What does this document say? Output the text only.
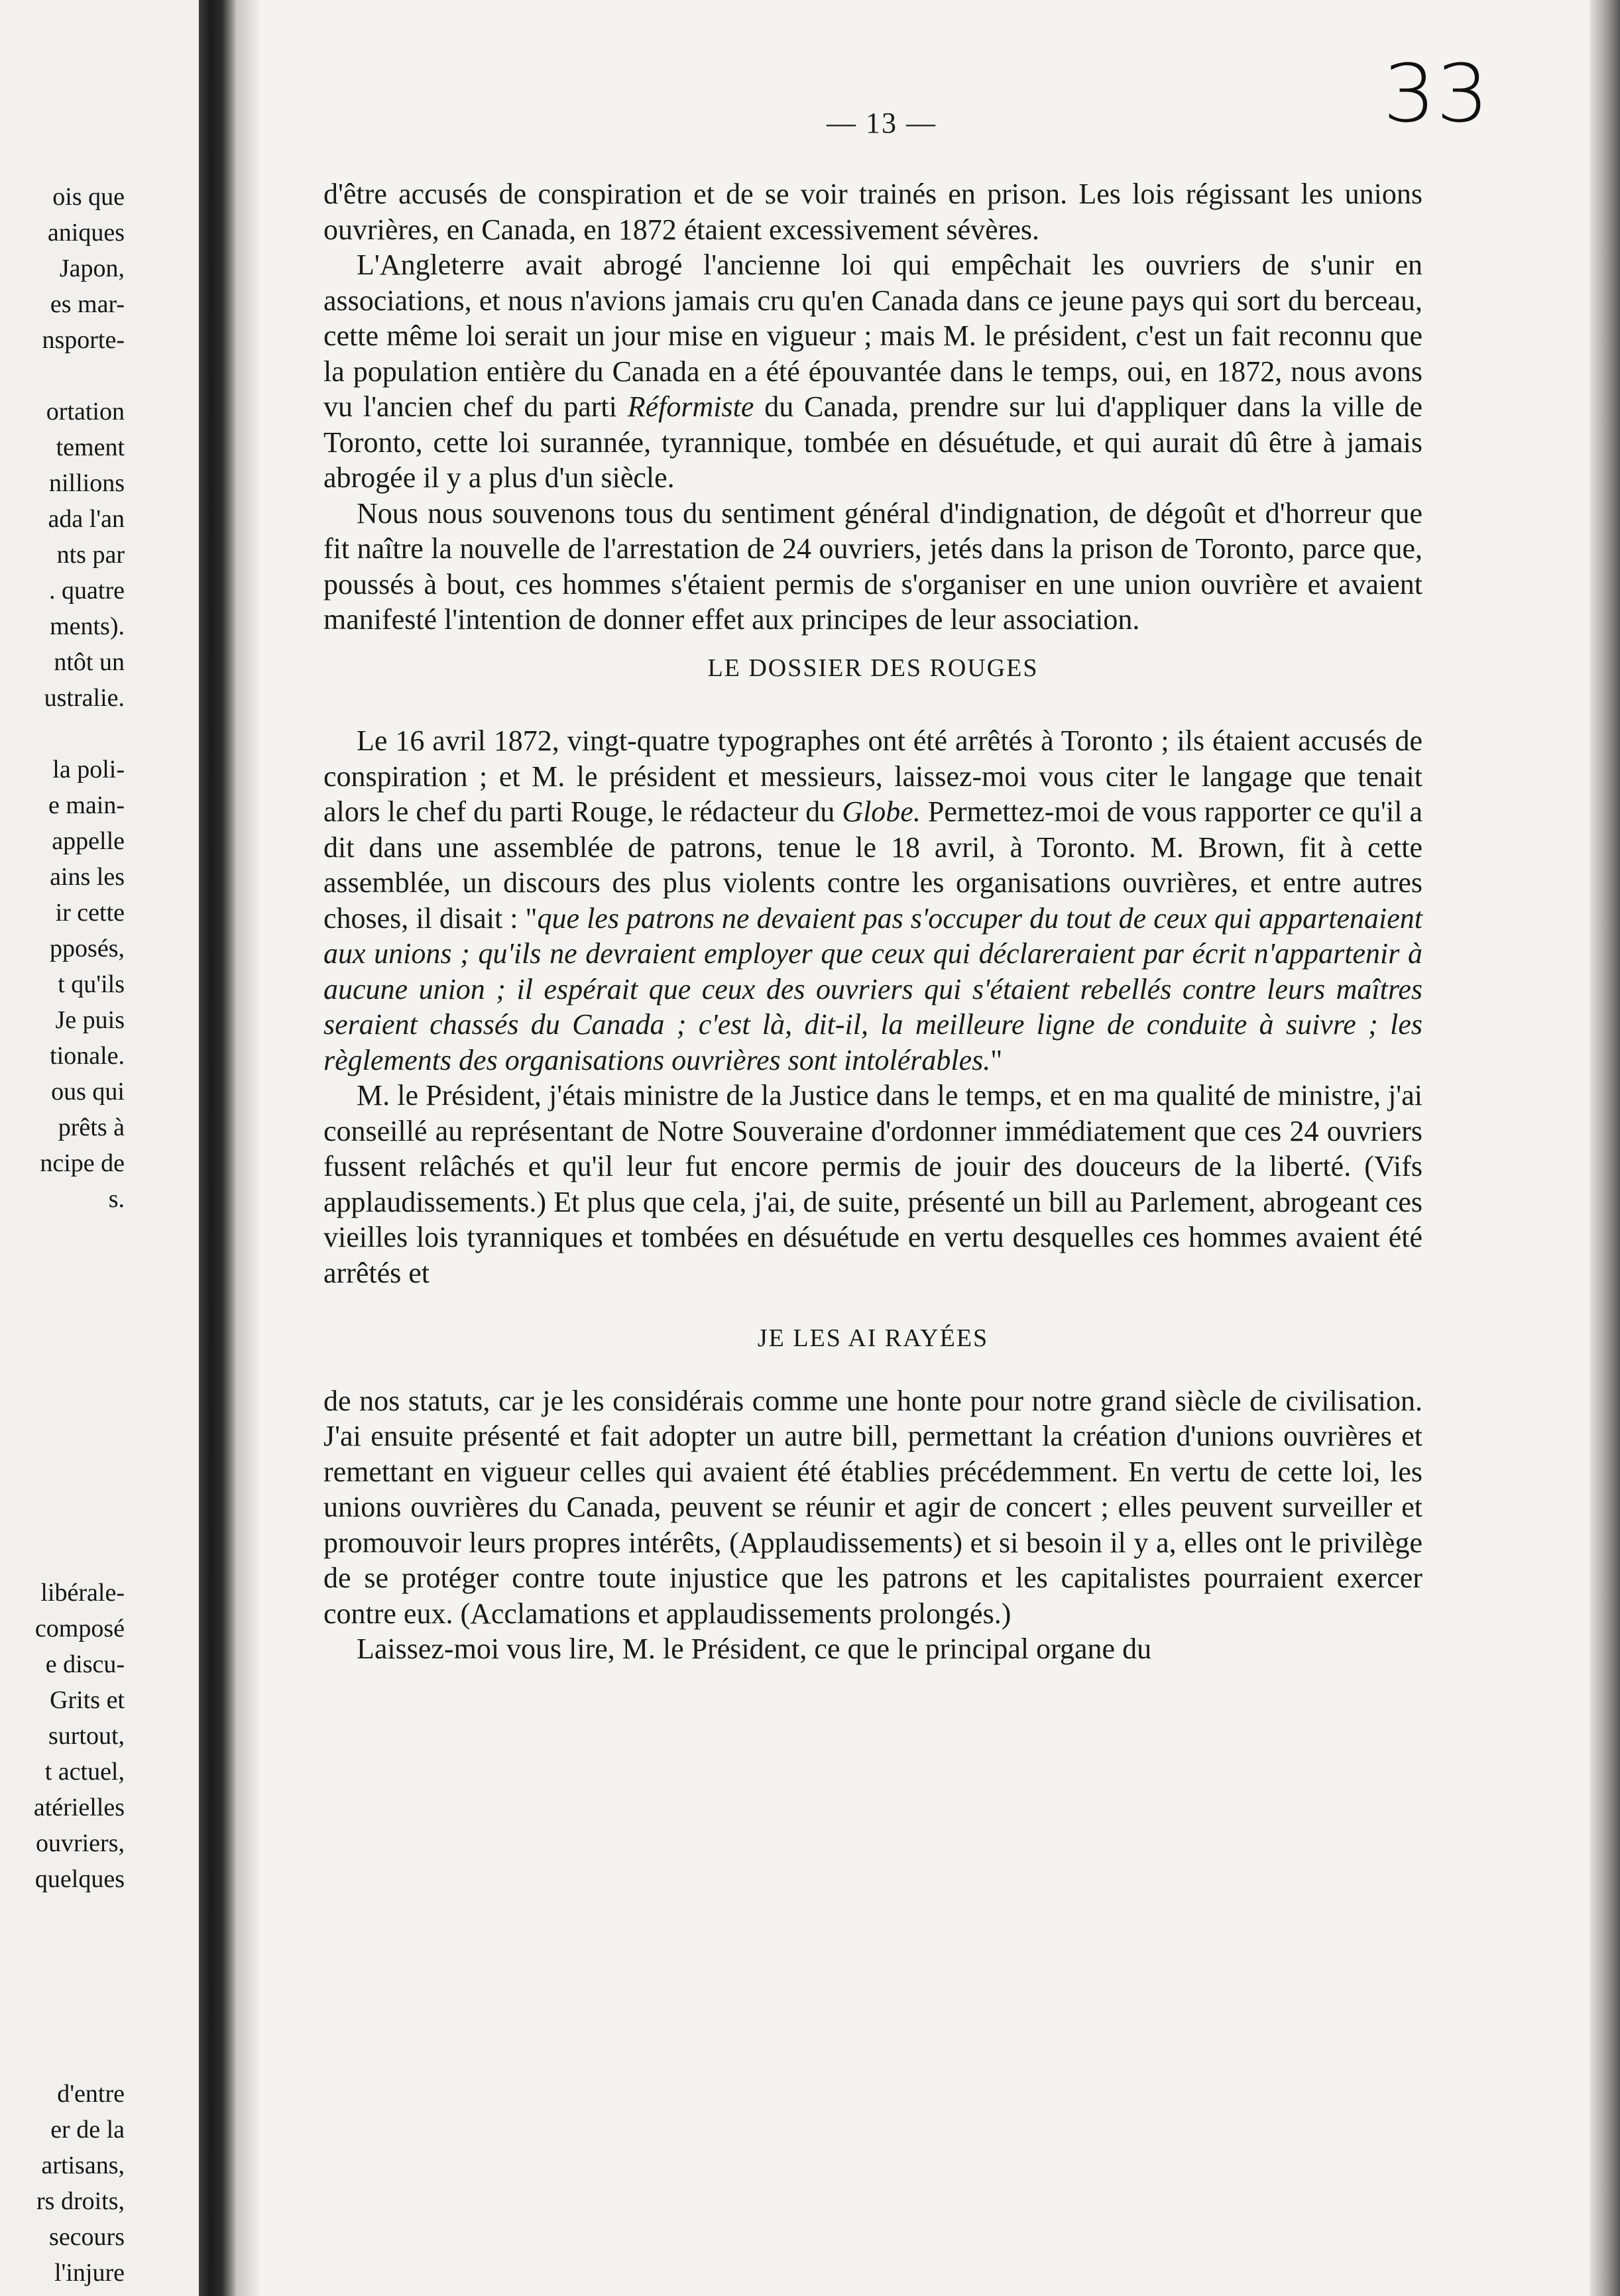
ois que
aniques
Japon,
es mar-
nsporte-
ortation
tement
nillions
ada l'an
nts par
. quatre
ments).
ntôt un
ustralie.
la poli-
e main-
appelle
ains les
ir cette
pposés,
t qu'ils
Je puis
tionale.
ous qui
prêts à
ncipe de
s.
libérale-
composé
e discu-
Grits et
surtout,
t actuel,
atérielles
ouvriers,
quelques
d'entre
er de la
artisans,
rs droits,
secours
l'injure
— 13 —	33

d'être accusés de conspiration et de se voir trainés en prison. Les lois régissant les unions ouvrières, en Canada, en 1872 étaient excessivement sévères.

L'Angleterre avait abrogé l'ancienne loi qui empêchait les ouvriers de s'unir en associations, et nous n'avions jamais cru qu'en Canada dans ce jeune pays qui sort du berceau, cette même loi serait un jour mise en vigueur ; mais M. le président, c'est un fait reconnu que la population entière du Canada en a été épouvantée dans le temps, oui, en 1872, nous avons vu l'ancien chef du parti Réformiste du Canada, prendre sur lui d'appliquer dans la ville de Toronto, cette loi surannée, tyrannique, tombée en désuétude, et qui aurait dû être à jamais abrogée il y a plus d'un siècle.

Nous nous souvenons tous du sentiment général d'indignation, de dégoût et d'horreur que fit naître la nouvelle de l'arrestation de 24 ouvriers, jetés dans la prison de Toronto, parce que, poussés à bout, ces hommes s'étaient permis de s'organiser en une union ouvrière et avaient manifesté l'intention de donner effet aux principes de leur association.

LE DOSSIER DES ROUGES

Le 16 avril 1872, vingt-quatre typographes ont été arrêtés à Toronto ; ils étaient accusés de conspiration ; et M. le président et messieurs, laissez-moi vous citer le langage que tenait alors le chef du parti Rouge, le rédacteur du Globe. Permettez-moi de vous rapporter ce qu'il a dit dans une assemblée de patrons, tenue le 18 avril, à Toronto. M. Brown, fit à cette assemblée, un discours des plus violents contre les organisations ouvrières, et entre autres choses, il disait : "que les patrons ne devaient pas s'occuper du tout de ceux qui appartenaient aux unions ; qu'ils ne devraient employer que ceux qui déclareraient par écrit n'appartenir à aucune union ; il espérait que ceux des ouvriers qui s'étaient rebellés contre leurs maîtres seraient chassés du Canada ; c'est là, dit-il, la meilleure ligne de conduite à suivre ; les règlements des organisations ouvrières sont intolérables."

M. le Président, j'étais ministre de la Justice dans le temps, et en ma qualité de ministre, j'ai conseillé au représentant de Notre Souveraine d'ordonner immédiatement que ces 24 ouvriers fussent relâchés et qu'il leur fut encore permis de jouir des douceurs de la liberté. (Vifs applaudissements.) Et plus que cela, j'ai, de suite, présenté un bill au Parlement, abrogeant ces vieilles lois tyranniques et tombées en désuétude en vertu desquelles ces hommes avaient été arrêtés et

JE LES AI RAYÉES

de nos statuts, car je les considérais comme une honte pour notre grand siècle de civilisation. J'ai ensuite présenté et fait adopter un autre bill, permettant la création d'unions ouvrières et remettant en vigueur celles qui avaient été établies précédemment. En vertu de cette loi, les unions ouvrières du Canada, peuvent se réunir et agir de concert ; elles peuvent surveiller et promouvoir leurs propres intérêts, (Applaudissements) et si besoin il y a, elles ont le privilège de se protéger contre toute injustice que les patrons et les capitalistes pourraient exercer contre eux. (Acclamations et applaudissements prolongés.)

Laissez-moi vous lire, M. le Président, ce que le principal organe du
